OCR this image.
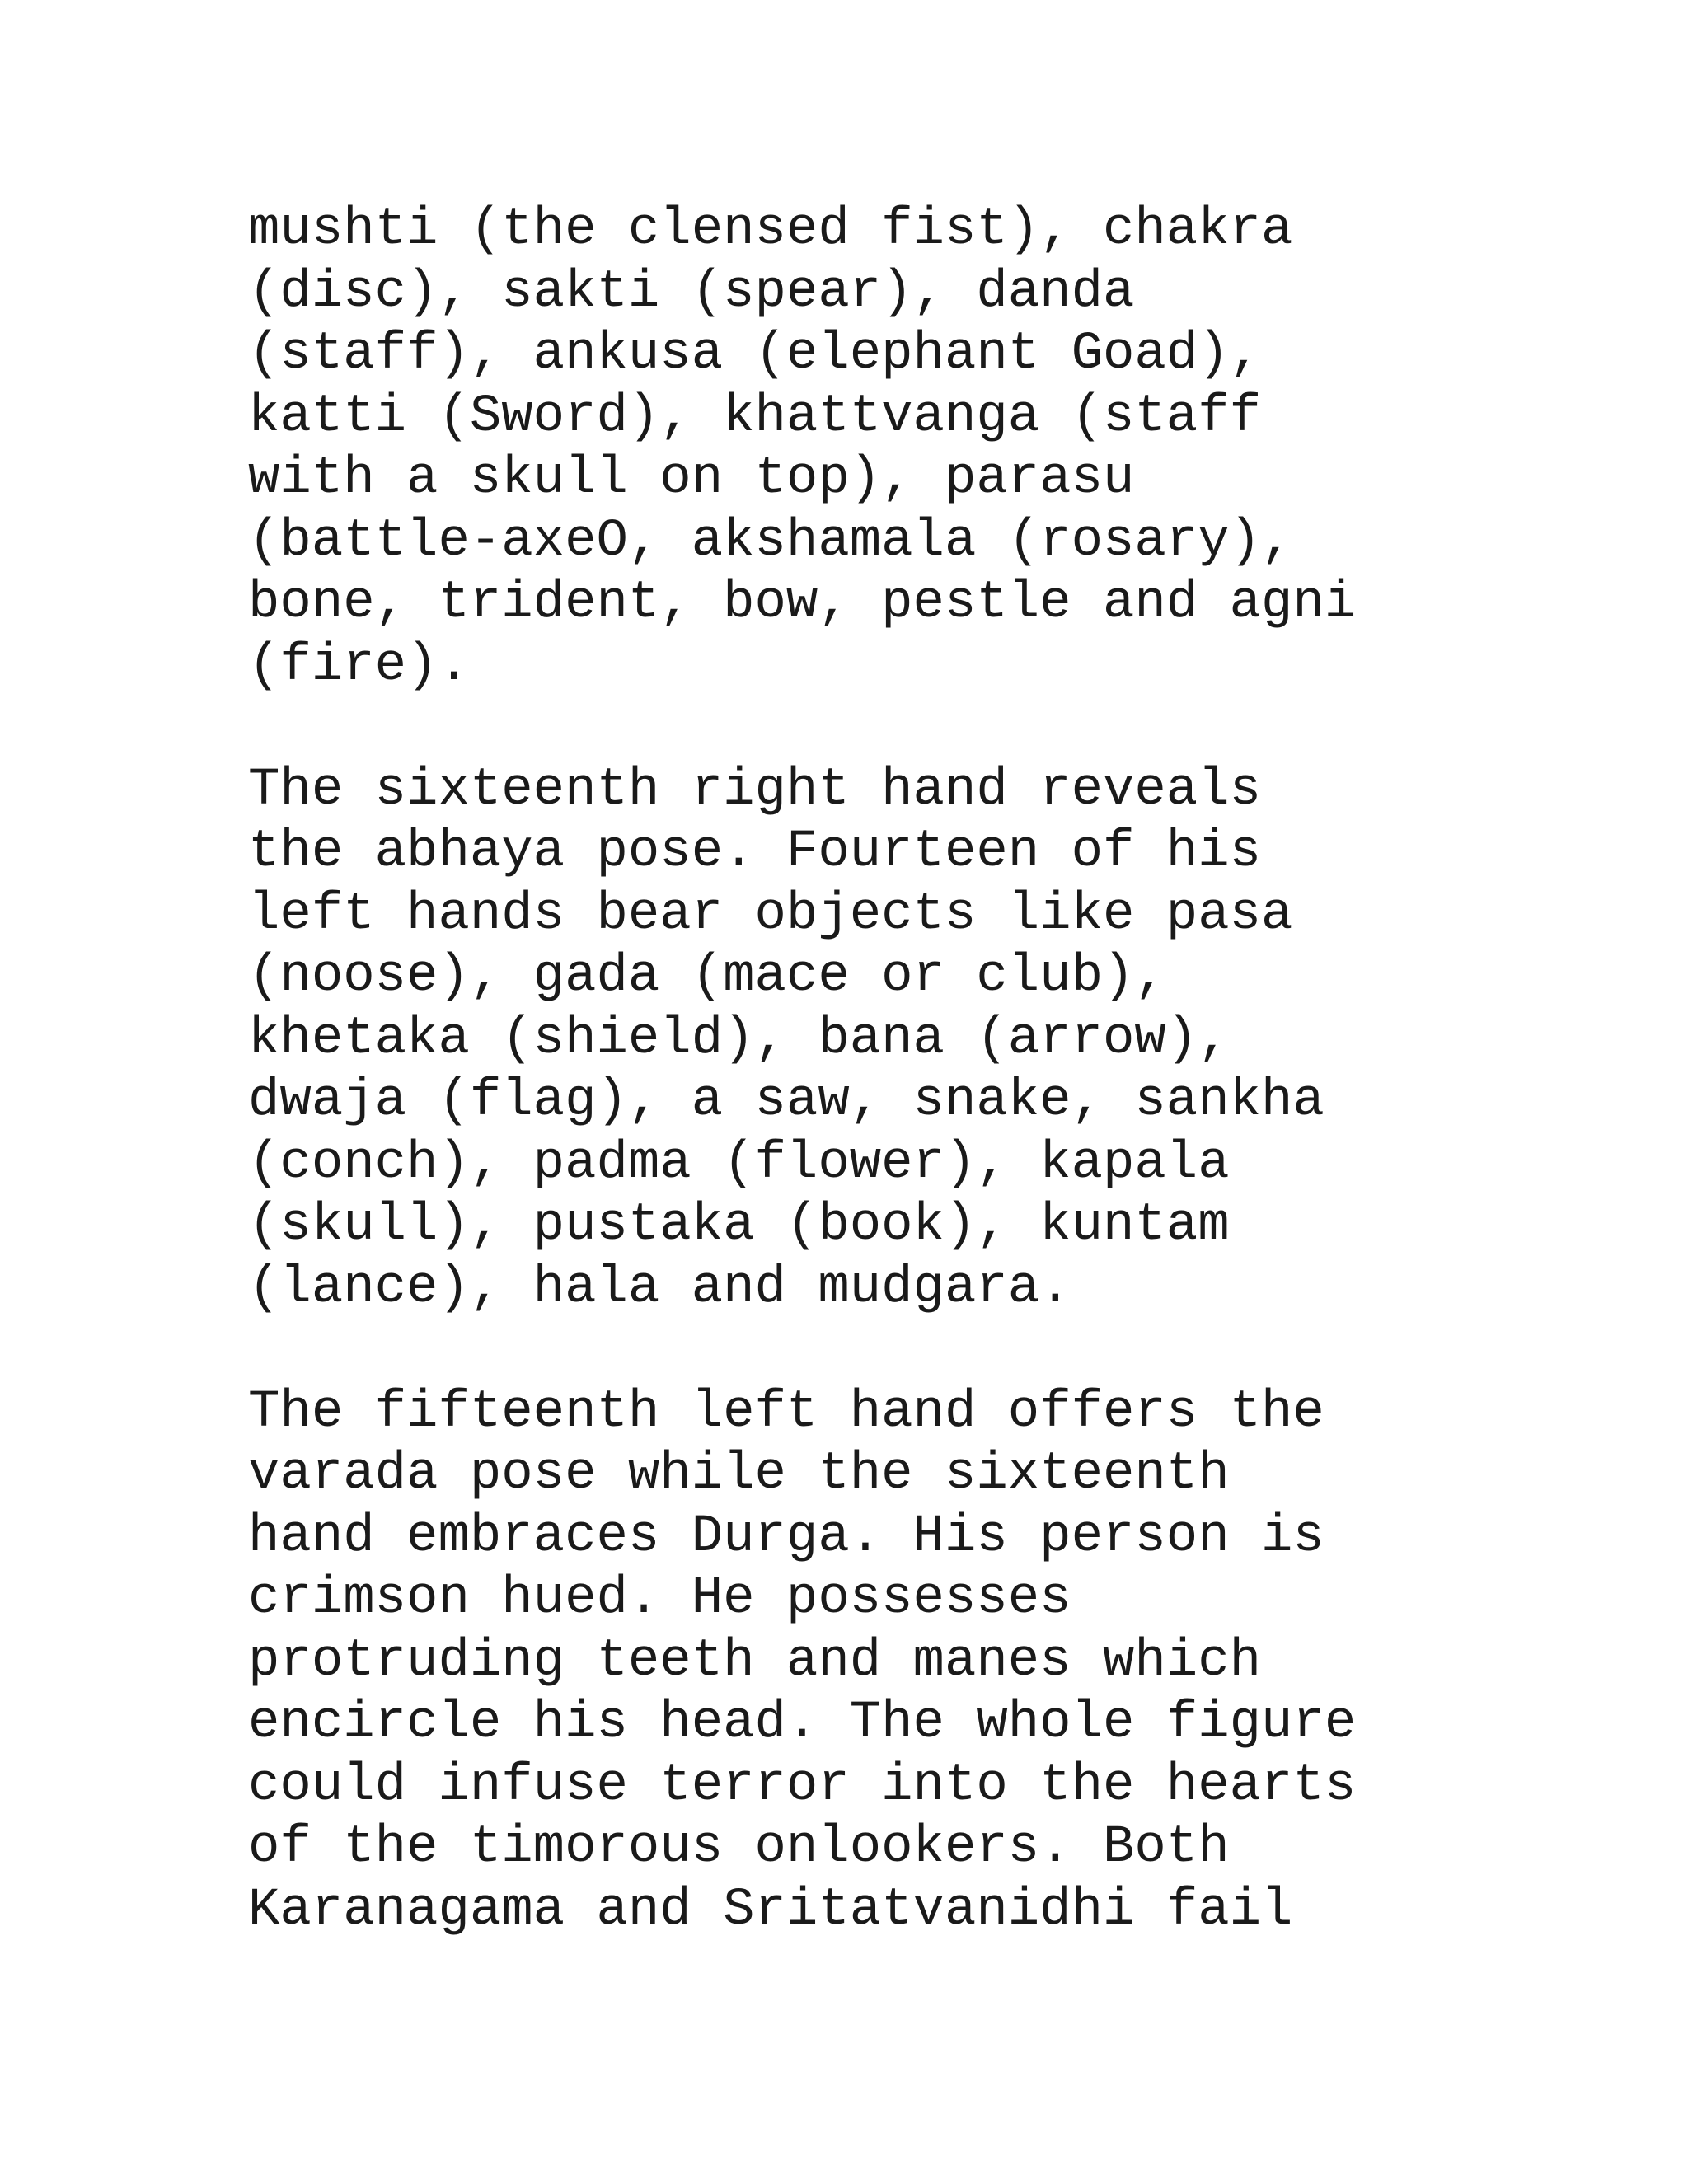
mushti (the clensed fist), chakra
(disc), sakti (spear), danda
(staff), ankusa (elephant Goad),
katti (Sword), khattvanga (staff
with a skull on top), parasu
(battle-axeO, akshamala (rosary),
bone, trident, bow, pestle and agni
(fire).
The sixteenth right hand reveals
the abhaya pose. Fourteen of his
left hands bear objects like pasa
(noose), gada (mace or club),
khetaka (shield), bana (arrow),
dwaja (flag), a saw, snake, sankha
(conch), padma (flower), kapala
(skull), pustaka (book), kuntam
(lance), hala and mudgara.
The fifteenth left hand offers the
varada pose while the sixteenth
hand embraces Durga. His person is
crimson hued. He possesses
protruding teeth and manes which
encircle his head. The whole figure
could infuse terror into the hearts
of the timorous onlookers. Both
Karanagama and Sritatvanidhi fail
